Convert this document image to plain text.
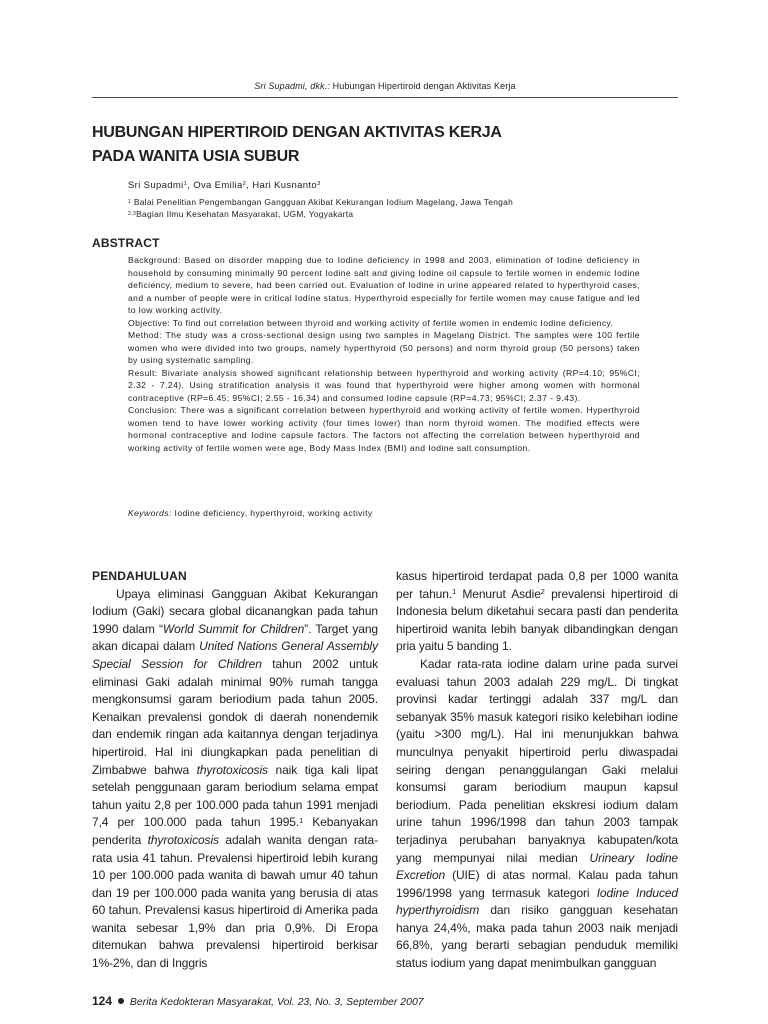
Sri Supadmi, dkk.: Hubungan Hipertiroid dengan Aktivitas Kerja
HUBUNGAN HIPERTIROID DENGAN AKTIVITAS KERJA
PADA WANITA USIA SUBUR
Sri Supadmi$^1$, Ova Emilia$^2$, Hari Kusnanto$^3$
$^1$ Balai Penelitian Pengembangan Gangguan Akibat Kekurangan Iodium Magelang, Jawa Tengah
$^{2,3}$Bagian Ilmu Kesehatan Masyarakat, UGM, Yogyakarta
ABSTRACT

Background: Based on disorder mapping due to Iodine deficiency in 1998 and 2003, elimination of Iodine deficiency in household by consuming minimally 90 percent Iodine salt and giving Iodine oil capsule to fertile women in endemic Iodine deficiency, medium to severe, had been carried out. Evaluation of Iodine in urine appeared related to hyperthyroid cases, and a number of people were in critical Iodine status. Hyperthyroid especially for fertile women may cause fatigue and led to low working activity.

Objective: To find out correlation between thyroid and working activity of fertile women in endemic Iodine deficiency.

Method: The study was a cross-sectional design using two samples in Magelang District. The samples were 100 fertile women who were divided into two groups, namely hyperthyroid (50 persons) and norm thyroid group (50 persons) taken by using systematic sampling.

Result: Bivariate analysis showed significant relationship between hyperthyroid and working activity (RP=4.10; 95%CI; 2.32 - 7.24). Using stratification analysis it was found that hyperthyroid were higher among women with hormonal contraceptive (RP=6.45; 95%CI; 2.55 - 16.34) and consumed Iodine capsule (RP=4.73; 95%CI; 2.37 - 9.43).

Conclusion: There was a significant correlation between hyperthyroid and working activity of fertile women. Hyperthyroid women tend to have lower working activity (four times lower) than norm thyroid women. The modified effects were hormonal contraceptive and Iodine capsule factors. The factors not affecting the correlation between hyperthyroid and working activity of fertile women were age, Body Mass Index (BMI) and Iodine salt consumption.

Keywords: Iodine deficiency, hyperthyroid, working activity
PENDAHULUAN

Upaya eliminasi Gangguan Akibat Kekurangan Iodium (Gaki) secara global dicanangkan pada tahun 1990 dalam “World Summit for Children”. Target yang akan dicapai dalam United Nations General Assembly Special Session for Children tahun 2002 untuk eliminasi Gaki adalah minimal 90% rumah tangga mengkonsumsi garam beriodium pada tahun 2005. Kenaikan prevalensi gondok di daerah nonendemik dan endemik ringan ada kaitannya dengan terjadinya hipertiroid. Hal ini diungkapkan pada penelitian di Zimbabwe bahwa thyrotoxicosis naik tiga kali lipat setelah penggunaan garam beriodium selama empat tahun yaitu 2,8 per 100.000 pada tahun 1991 menjadi 7,4 per 100.000 pada tahun 1995.$^1$ Kebanyakan penderita thyrotoxicosis adalah wanita dengan rata-rata usia 41 tahun. Prevalensi hipertiroid lebih kurang 10 per 100.000 pada wanita di bawah umur 40 tahun dan 19 per 100.000 pada wanita yang berusia di atas 60 tahun. Prevalensi kasus hipertiroid di Amerika pada wanita sebesar 1,9% dan pria 0,9%. Di Eropa ditemukan bahwa prevalensi hipertiroid berkisar 1%-2%, dan di Inggris

kasus hipertiroid terdapat pada 0,8 per 1000 wanita per tahun.$^1$ Menurut Asdie$^2$ prevalensi hipertiroid di Indonesia belum diketahui secara pasti dan penderita hipertiroid wanita lebih banyak dibandingkan dengan pria yaitu 5 banding 1.

Kadar rata-rata iodine dalam urine pada survei evaluasi tahun 2003 adalah 229 mg/L. Di tingkat provinsi kadar tertinggi adalah 337 mg/L dan sebanyak 35% masuk kategori risiko kelebihan iodine (yaitu >300 mg/L). Hal ini menunjukkan bahwa munculnya penyakit hipertiroid perlu diwaspadai seiring dengan penanggulangan Gaki melalui konsumsi garam beriodium maupun kapsul beriodium. Pada penelitian ekskresi iodium dalam urine tahun 1996/1998 dan tahun 2003 tampak terjadinya perubahan banyaknya kabupaten/kota yang mempunyai nilai median Urineary Iodine Excretion (UIE) di atas normal. Kalau pada tahun 1996/1998 yang termasuk kategori Iodine Induced hyperthyroidism dan risiko gangguan kesehatan hanya 24,4%, maka pada tahun 2003 naik menjadi 66,8%, yang berarti sebagian penduduk memiliki status iodium yang dapat menimbulkan gangguan

124 Berita Kedokteran Masyarakat, Vol. 23, No. 3, September 2007
